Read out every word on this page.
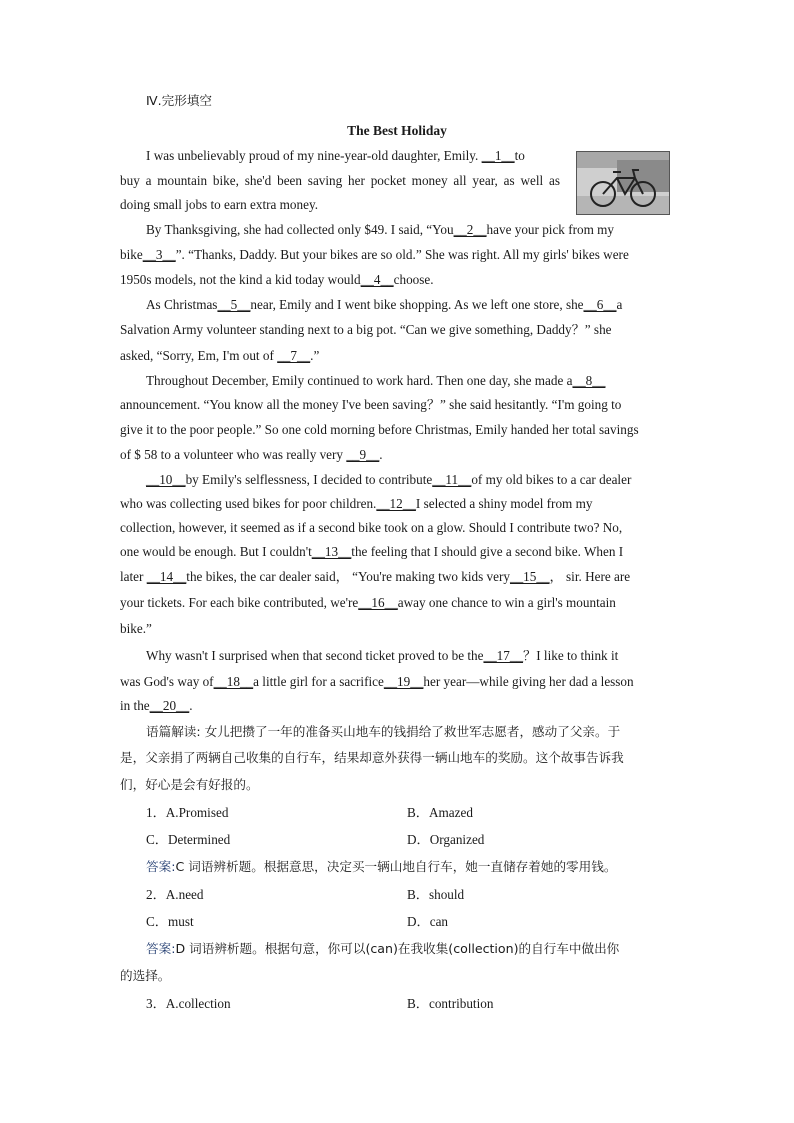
Ⅳ.完形填空
The Best Holiday
I was unbelievably proud of my nine-year-old daughter, Emily. __1__to
buy a mountain bike, she'd been saving her pocket money all year, as well as
doing small jobs to earn extra money.
By Thanksgiving, she had collected only $49. I said, “You__2__have your pick from my
bike__3__”. “Thanks, Daddy. But your bikes are so old.” She was right. All my girls' bikes were
1950s models, not the kind a kid today would__4__choose.
As Christmas__5__near, Emily and I went bike shopping. As we left one store, she__6__a
Salvation Army volunteer standing next to a big pot. “Can we give something, Daddy？” she
asked, “Sorry, Em, I'm out of __7__.”
Throughout December, Emily continued to work hard. Then one day, she made a__8__
announcement. “You know all the money I've been saving？” she said hesitantly. “I'm going to
give it to the poor people.” So one cold morning before Christmas, Emily handed her total savings
of $ 58 to a volunteer who was really very __9__.
__10__by Emily's selflessness, I decided to contribute__11__of my old bikes to a car dealer
who was collecting used bikes for poor children.__12__I selected a shiny model from my
collection, however, it seemed as if a second bike took on a glow. Should I contribute two? No,
one would be enough. But I couldn't__13__the feeling that I should give a second bike. When I
later __14__the bikes, the car dealer said， “You're making two kids very__15__， sir. Here are
your tickets. For each bike contributed, we're__16__away one chance to win a girl's mountain
bike.”
Why wasn't I surprised when that second ticket proved to be the__17__？I like to think it
was God's way of__18__a little girl for a sacrifice__19__her year—while giving her dad a lesson
in the__20__.
语篇解读: 女儿把攒了一年的准备买山地车的钱捐给了救世军志愿者，感动了父亲。于
是，父亲捐了两辆自己收集的自行车，结果却意外获得一辆山地车的奖励。这个故事告诉我
们，好心是会有好报的。
1．A.Promised	B．Amazed
C．Determined	D．Organized
答案:C 词语辨析题。根据意思，决定买一辆山地自行车，她一直储存着她的零用钱。
2．A.need	B．should
C．must	D．can
答案:D 词语辨析题。根据句意，你可以(can)在我收集(collection)的自行车中做出你
的选择。
3．A.collection	B．contribution
